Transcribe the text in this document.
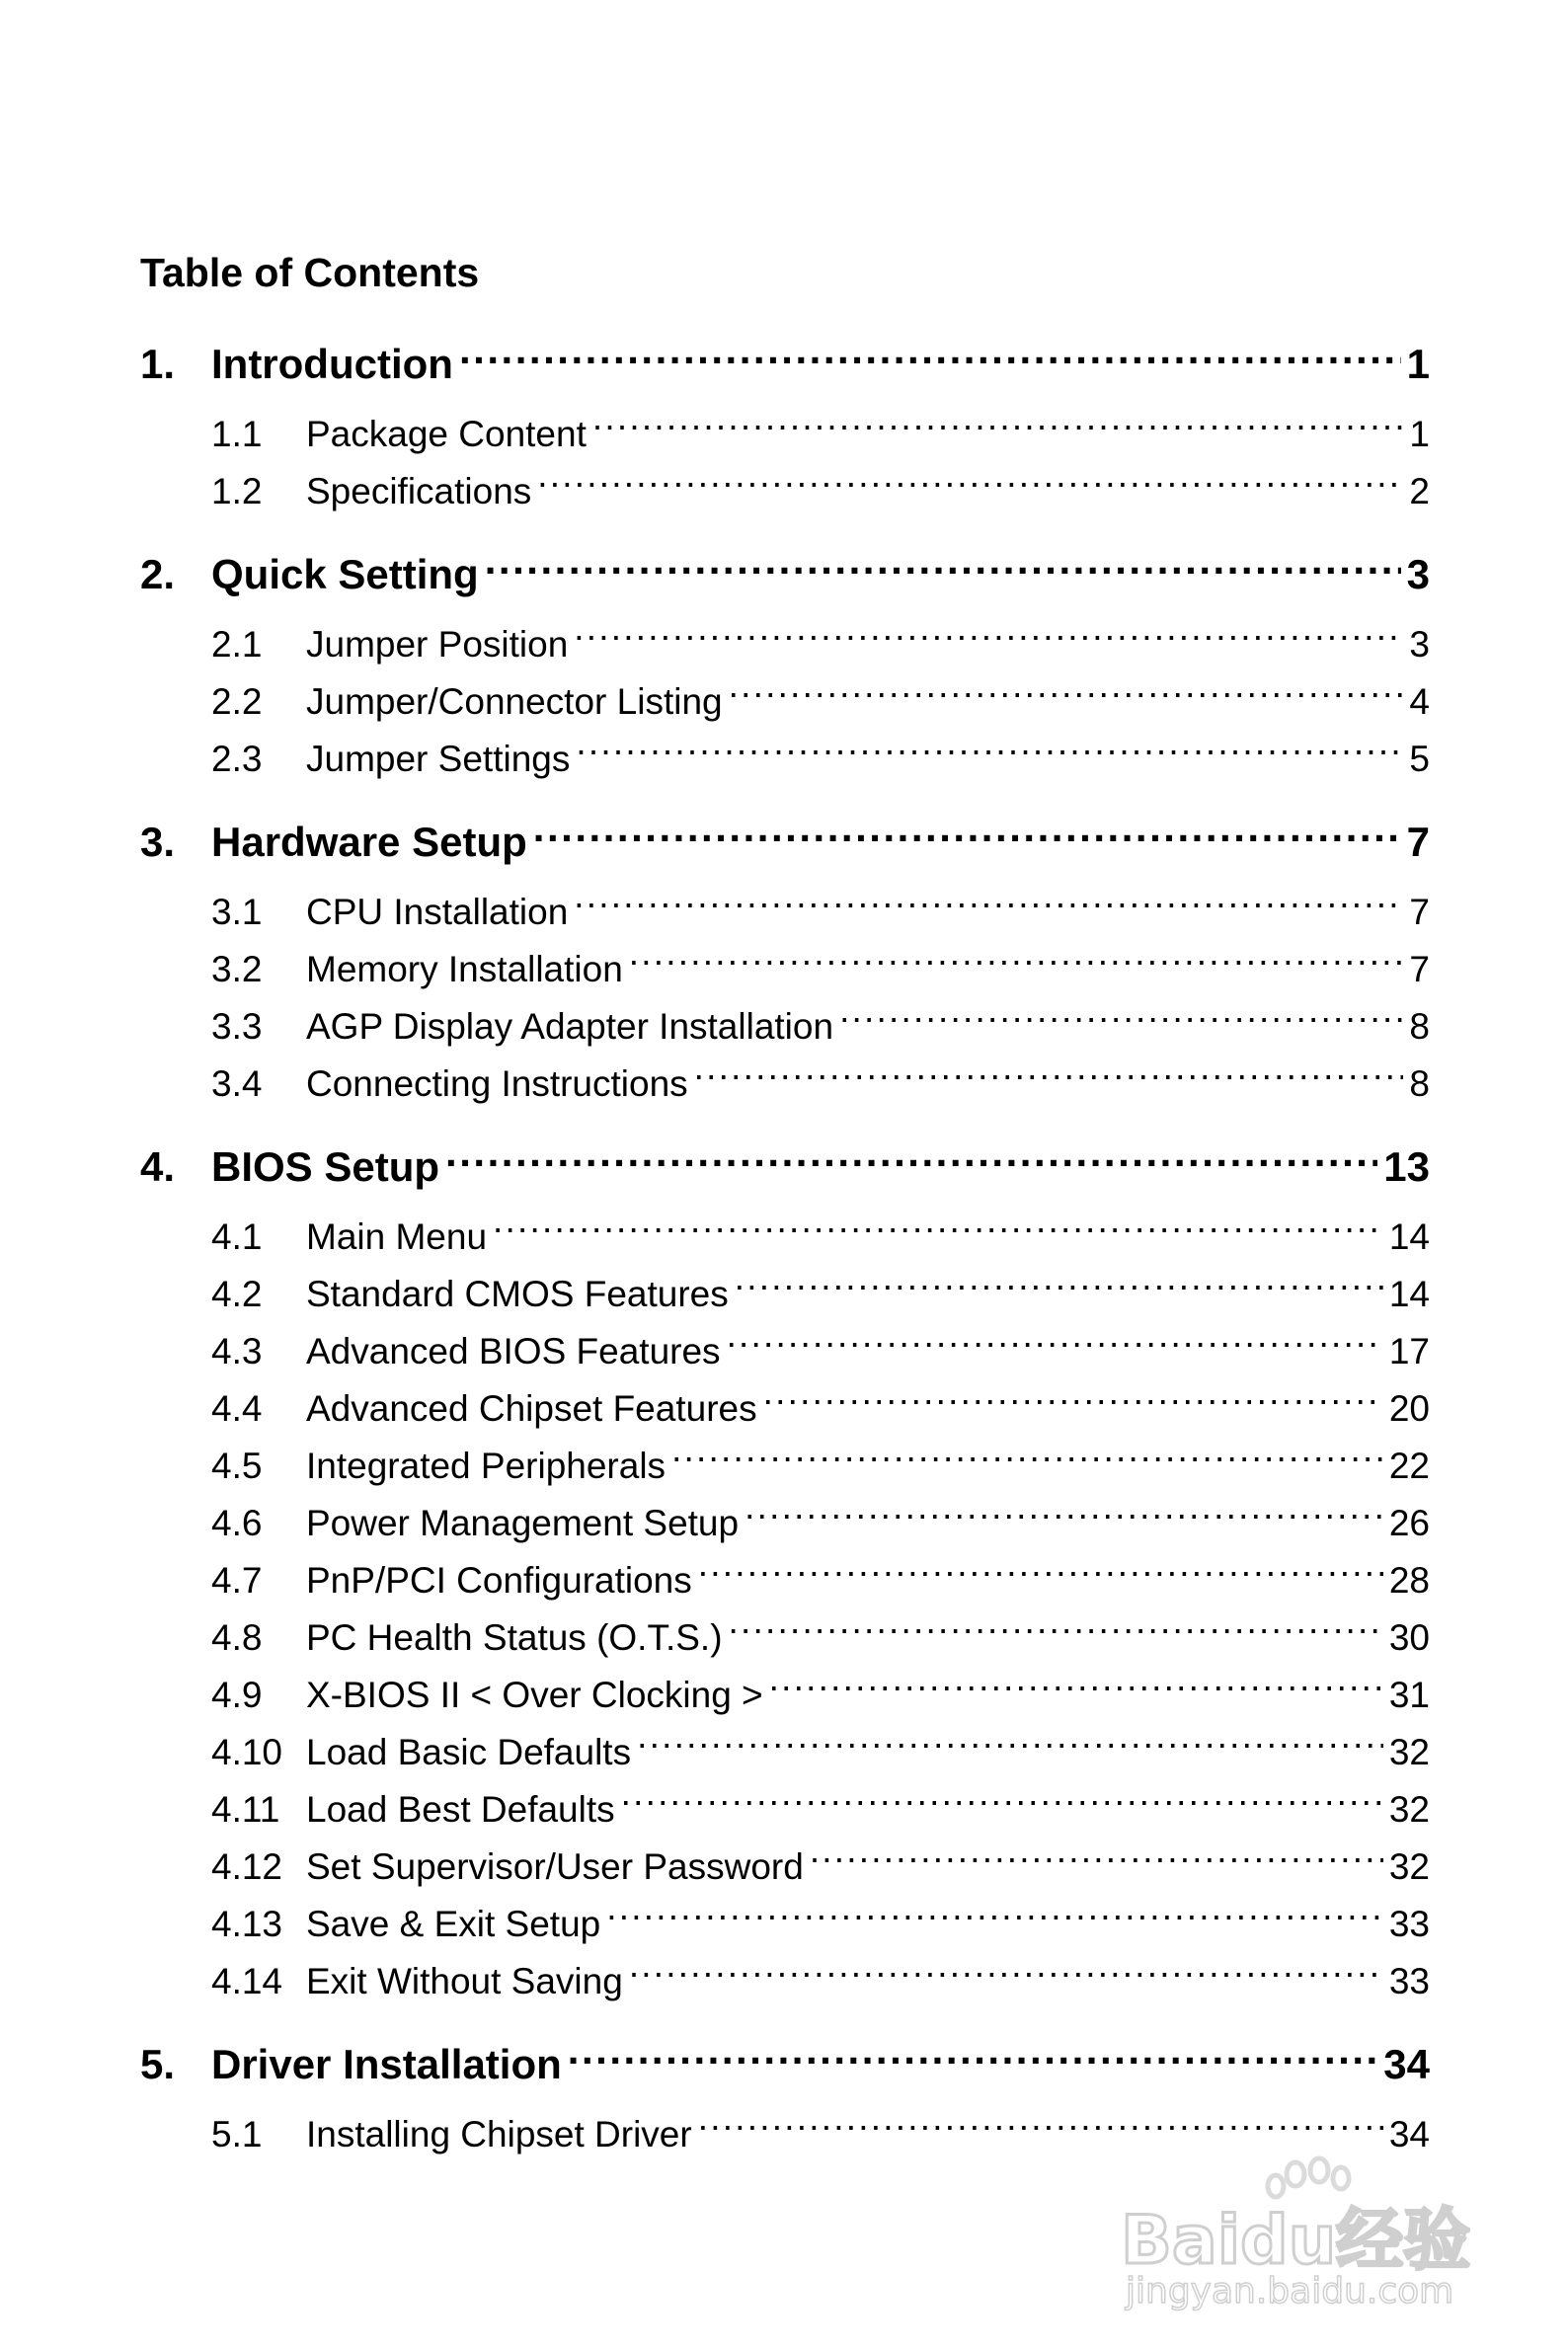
Table of Contents
1. Introduction .....	1
1.1	Package Content .....	1
1.2	Specifications .....	2
2. Quick Setting .....	3
2.1	Jumper Position .....	3
2.2	Jumper/Connector Listing .....	4
2.3	Jumper Settings .....	5
3. Hardware Setup .....	7
3.1	CPU Installation .....	7
3.2	Memory Installation .....	7
3.3	AGP Display Adapter Installation .....	8
3.4	Connecting Instructions .....	8
4. BIOS Setup .....	13
4.1	Main Menu .....	14
4.2	Standard CMOS Features .....	14
4.3	Advanced BIOS Features .....	17
4.4	Advanced Chipset Features .....	20
4.5	Integrated Peripherals .....	22
4.6	Power Management Setup .....	26
4.7	PnP/PCI Configurations .....	28
4.8	PC Health Status (O.T.S.) .....	30
4.9	X-BIOS II < Over Clocking > .....	31
4.10 Load Basic Defaults .....	32
4.11 Load Best Defaults .....	32
4.12 Set Supervisor/User Password .....	32
4.13 Save & Exit Setup .....	33
4.14 Exit Without Saving .....	33
5. Driver Installation .....	34
5.1	Installing Chipset Driver .....	34
Baidu经验
jingyan.baidu.com
